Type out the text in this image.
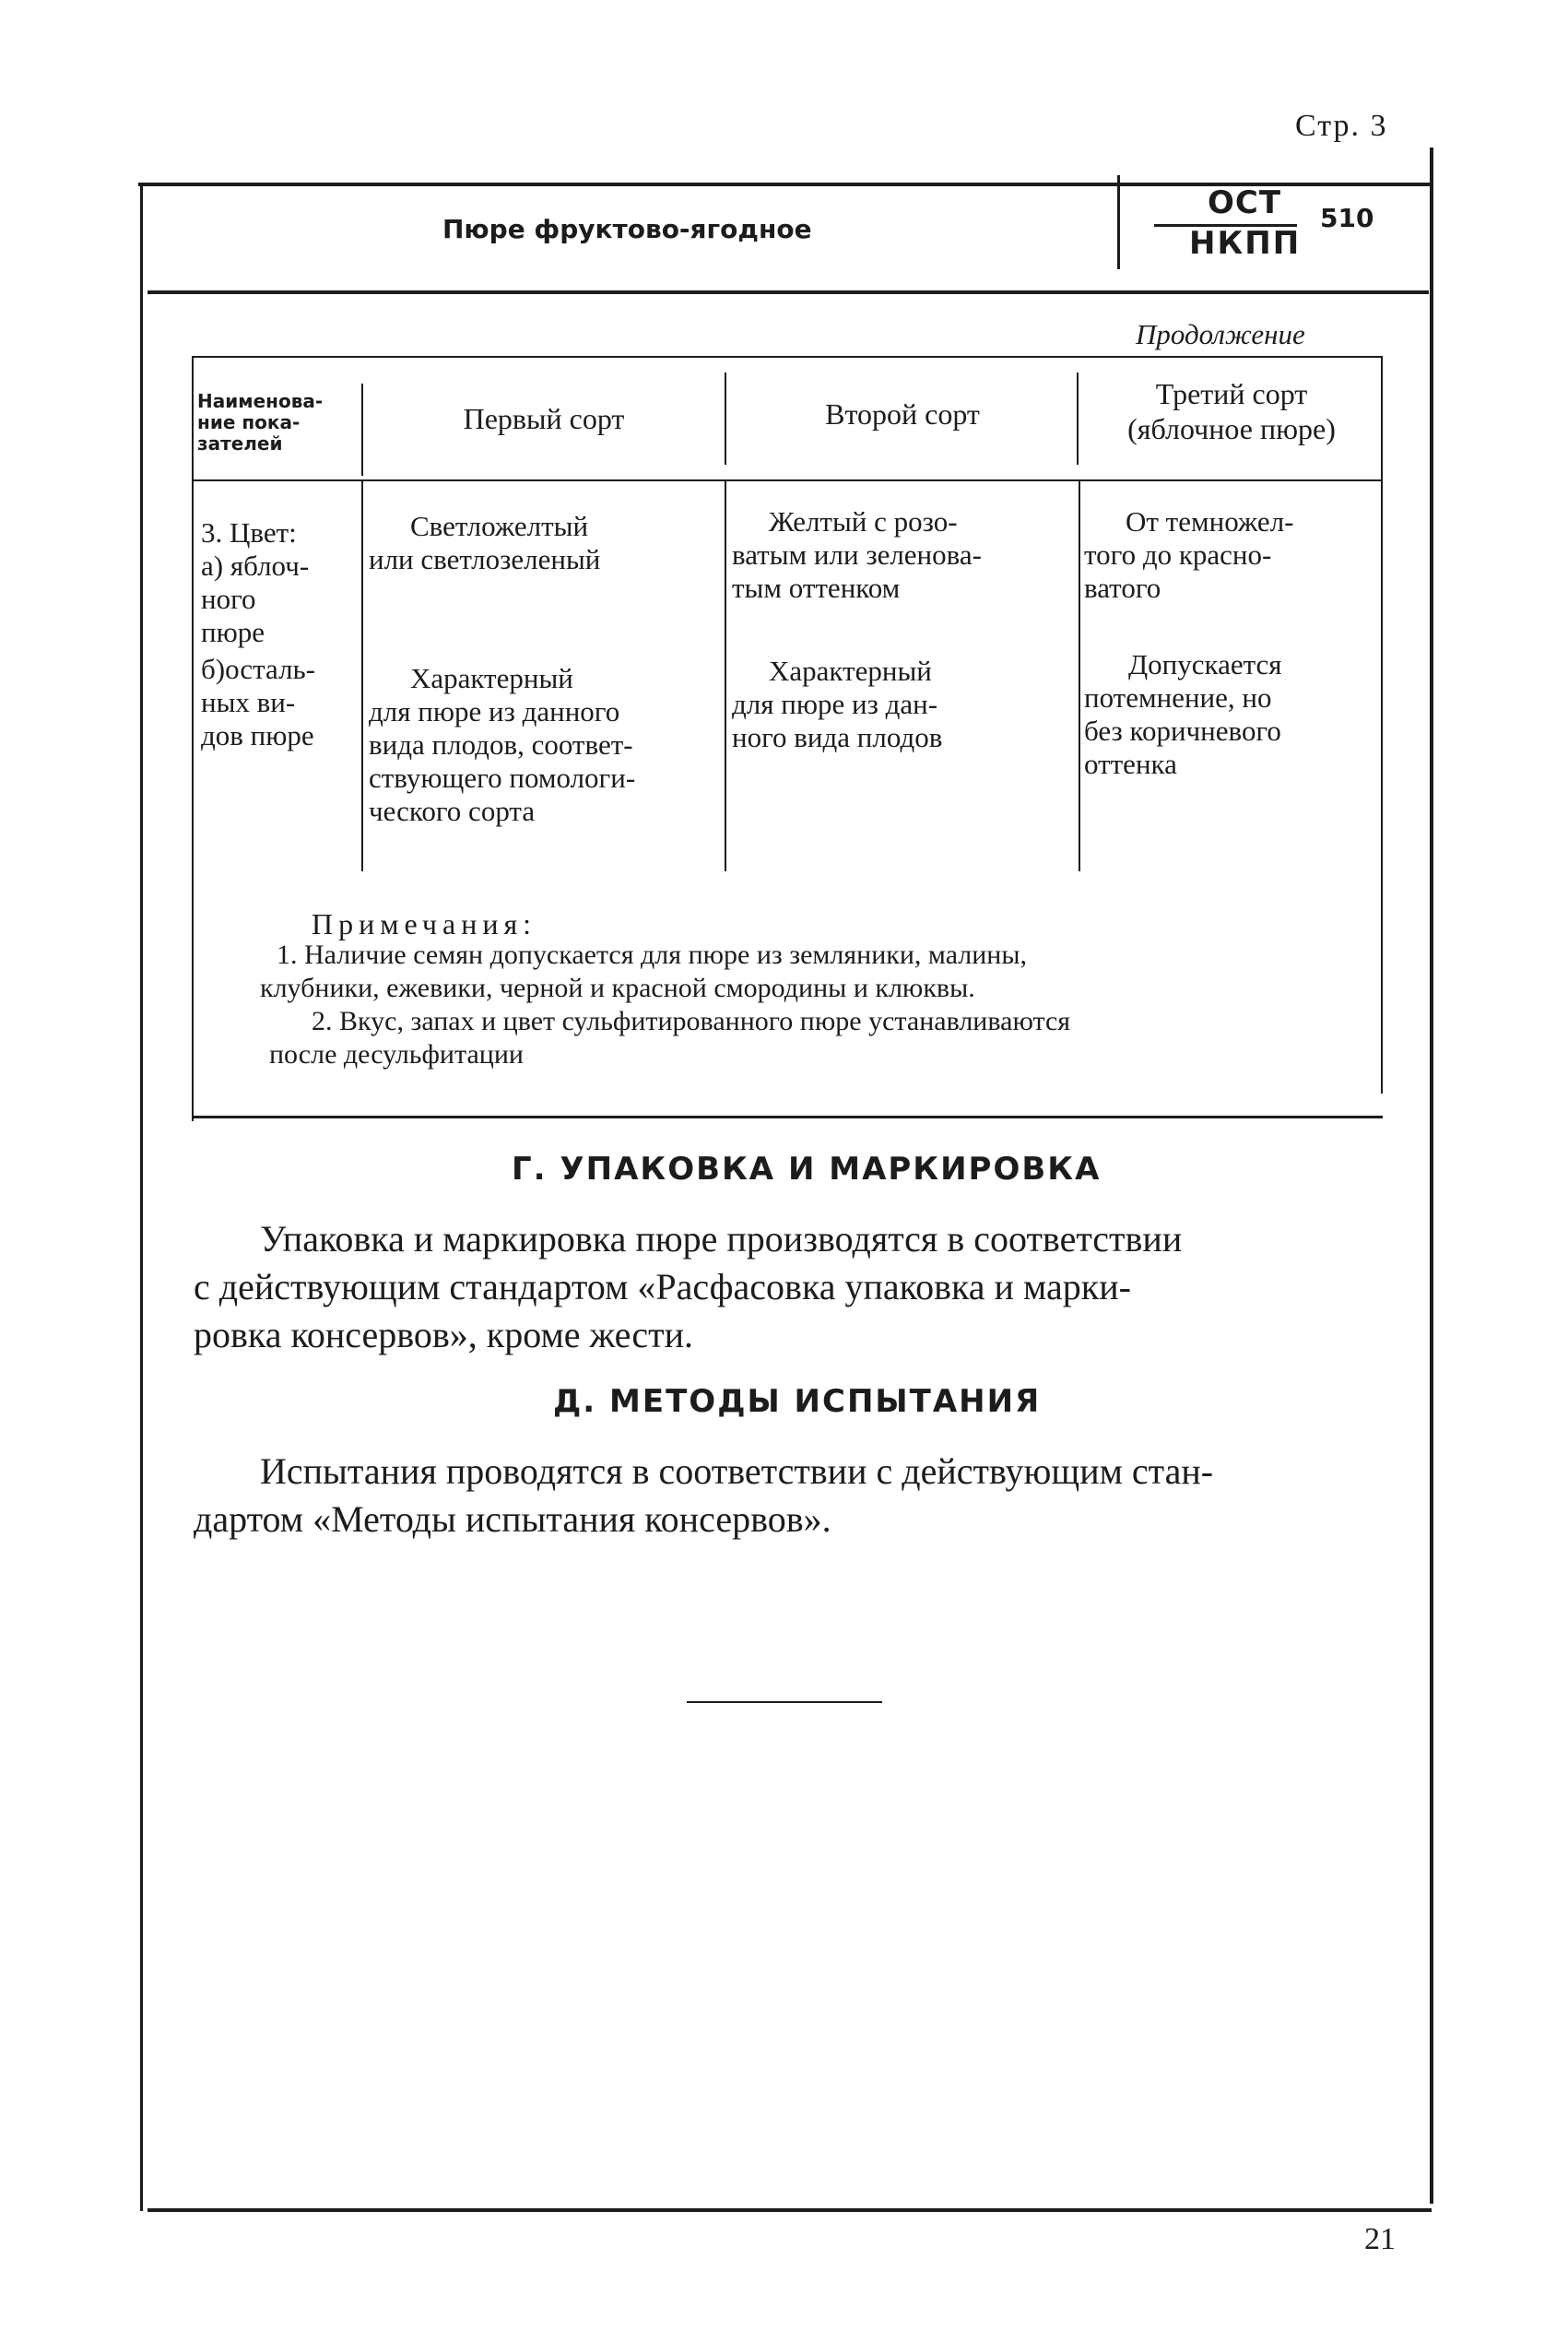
Стр. 3
Пюре фруктово-ягодное
ОСТ
НКПП
510
Продолжение
Наименова-
ние пока-
зателей
Первый сорт	Второй сорт
Третий сорт
(яблочное пюре)
3. Цвет:
а) яблоч-
ного
пюре
б)осталь-
ных ви-
дов пюре
Светложелтый
или светлозеленый
Желтый с розо-
ватым или зеленова-
тым оттенком
От темножел-
того до красно-
ватого
Характерный
для пюре из данного
вида плодов, соответ-
ствующего помологи-
ческого сорта
Характерный
для пюре из дан-
ного вида плодов
Допускается
потемнение, но
без коричневого
оттенка
Примечания:
1. Наличие семян допускается для пюре из земляники, малины,
клубники, ежевики, черной и красной смородины и клюквы.
2. Вкус, запах и цвет сульфитированного пюре устанавливаются
после десульфитации
Г. УПАКОВКА И МАРКИРОВКА
Упаковка и маркировка пюре производятся в соответствии
с действующим стандартом «Расфасовка упаковка и марки-
ровка консервов», кроме жести.
Д. МЕТОДЫ ИСПЫТАНИЯ
Испытания проводятся в соответствии с действующим стан-
дартом «Методы испытания консервов».
21
